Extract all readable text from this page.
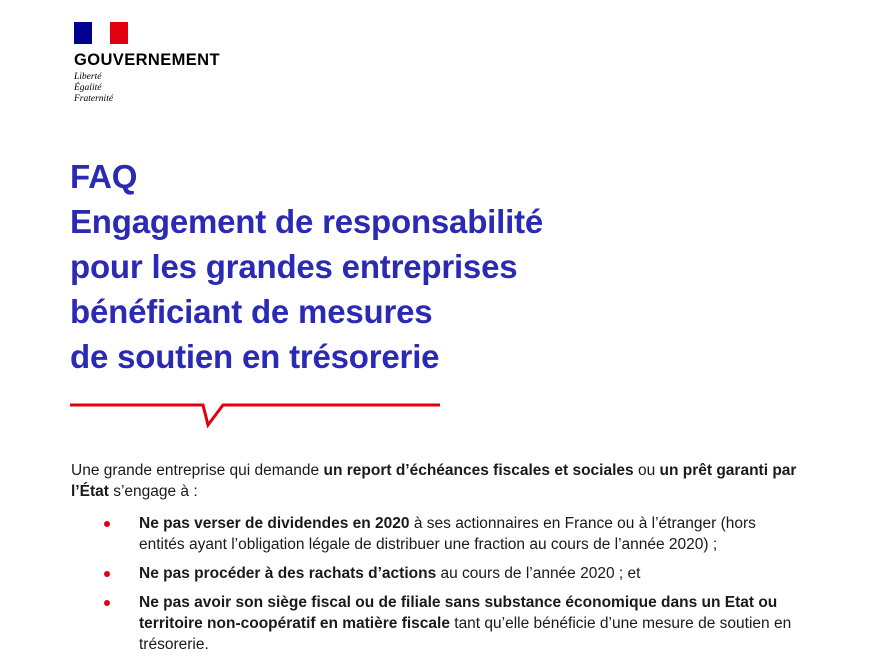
GOUVERNEMENT
Liberté
Égalité
Fraternité
FAQ
Engagement de responsabilité
pour les grandes entreprises
bénéficiant de mesures
de soutien en trésorerie

Une grande entreprise qui demande un report d’échéances fiscales et sociales ou un prêt garanti par l’État s’engage à :

Ne pas verser de dividendes en 2020 à ses actionnaires en France ou à l’étranger (hors entités ayant l’obligation légale de distribuer une fraction au cours de l’année 2020) ;
Ne pas procéder à des rachats d’actions au cours de l’année 2020 ; et
Ne pas avoir son siège fiscal ou de filiale sans substance économique dans un Etat ou territoire non-coopératif en matière fiscale tant qu’elle bénéficie d’une mesure de soutien en trésorerie.
